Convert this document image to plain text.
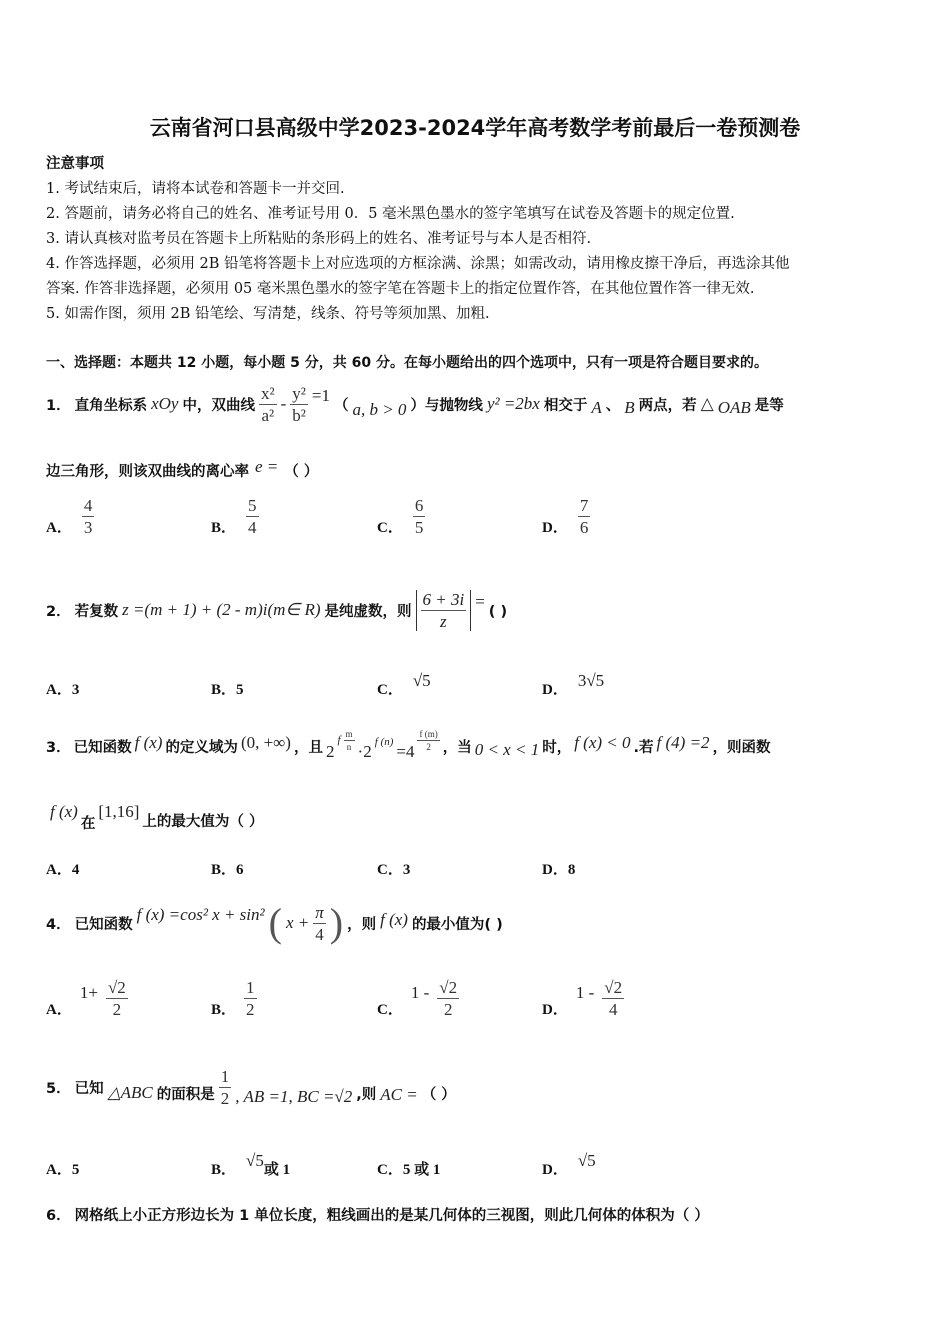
云南省河口县高级中学2023-2024学年高考数学考前最后一卷预测卷
注意事项
1. 考试结束后，请将本试卷和答题卡一并交回.
2. 答题前，请务必将自己的姓名、准考证号用 0．5 毫米黑色墨水的签字笔填写在试卷及答题卡的规定位置.
3. 请认真核对监考员在答题卡上所粘贴的条形码上的姓名、准考证号与本人是否相符.
4. 作答选择题，必须用 2B 铅笔将答题卡上对应选项的方框涂满、涂黑；如需改动，请用橡皮擦干净后，再选涂其他
答案. 作答非选择题，必须用 05 毫米黑色墨水的签字笔在答题卡上的指定位置作答，在其他位置作答一律无效.
5. 如需作图，须用 2B 铅笔绘、写清楚，线条、符号等须加黑、加粗.
一、选择题：本题共 12 小题，每小题 5 分，共 60 分。在每小题给出的四个选项中，只有一项是符合题目要求的。
1． 直角坐标系 xOy 中，双曲线 $\frac{\text{x²}}{\text{a²}} - \frac{\text{y²}}{\text{b²}} =1$
（ a, b > 0 ）与抛物线 y² =2bx 相交于 A 、 B 两点，若 △ OAB 是等
边三角形，则该双曲线的离心率 e = （ ）
A． $\frac{4}{3}$	B． $\frac{5}{4}$	C． $\frac{6}{5}$	D． $\frac{7}{6}$
2． 若复数 z =(m + 1) + (2 - m)i(m∈ R) 是纯虚数，则 $\frac{6 + 3i}{z}$ =
( )
A．3	B．5	C． √5	D． 3√5
3． 已知函数 f (x) 的定义域为 (0, +∞) ，且 2
f $\frac{m}{n} \cdot 2$ f $(n) =4 \frac{f (m)}{2}$ ，当 0 < x < 1 时， f (x) < 0 .若 f (4) =2 ，则函数
f (x)
在
[1,16]
上的最大值为（ ）
A．4	B．6	C．3	D．8
4． 已知函数
f (x) =cos² x + sin² ( $x + \frac{\pi}{4}$ ) ，则 f (x) 的最小值为( )
A．
$1+ \frac{√2}{2}$	B． $\frac{1}{2}$	C．
$1 - \frac{√2}{2}$	D．
$1 - \frac{√2}{4}$
5． 已知 △ABC 的面积是 $\frac{1}{2}$ , AB =1, BC =√2 ,则 AC = （ ）
A．5	B． √5或 1	C．5 或 1	D． √5
6． 网格纸上小正方形边长为 1 单位长度，粗线画出的是某几何体的三视图，则此几何体的体积为（ ）
